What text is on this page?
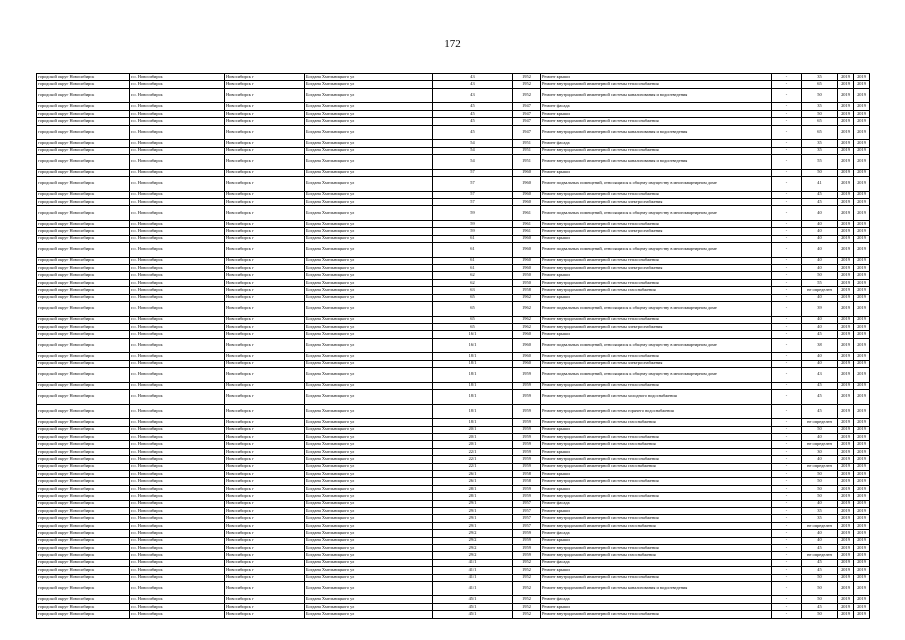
172
городской округ Новосибирск	г.о. Новосибирск	Новосибирск г	Богдана Хмельницкого ул	43	1952	Ремонт крыши	-	35	2019	2019
городской округ Новосибирск	г.о. Новосибирск	Новосибирск г	Богдана Хмельницкого ул	43	1952	Ремонт внутридомовой инженерной системы теплоснабжения	-	65	2019	2019
городской округ Новосибирск	г.о. Новосибирск	Новосибирск г	Богдана Хмельницкого ул	43	1952	Ремонт внутридомовой инженерной системы канализования и водоотведения	-	50	2019	2019
городской округ Новосибирск	г.о. Новосибирск	Новосибирск г	Богдана Хмельницкого ул	45	1947	Ремонт фасада	-	35	2019	2019
городской округ Новосибирск	г.о. Новосибирск	Новосибирск г	Богдана Хмельницкого ул	45	1947	Ремонт крыши	-	50	2019	2019
городской округ Новосибирск	г.о. Новосибирск	Новосибирск г	Богдана Хмельницкого ул	45	1947	Ремонт внутридомовой инженерной системы теплоснабжения	-	65	2019	2019
городской округ Новосибирск	г.о. Новосибирск	Новосибирск г	Богдана Хмельницкого ул	45	1947	Ремонт внутридомовой инженерной системы канализования и водоотведения	-	65	2019	2019
городской округ Новосибирск	г.о. Новосибирск	Новосибирск г	Богдана Хмельницкого ул	54	1951	Ремонт фасада	-	35	2019	2019
городской округ Новосибирск	г.о. Новосибирск	Новосибирск г	Богдана Хмельницкого ул	54	1951	Ремонт внутридомовой инженерной системы теплоснабжения	-	35	2019	2019
городской округ Новосибирск	г.о. Новосибирск	Новосибирск г	Богдана Хмельницкого ул	54	1951	Ремонт внутридомовой инженерной системы канализования и водоотведения	-	55	2019	2019
городской округ Новосибирск	г.о. Новосибирск	Новосибирск г	Богдана Хмельницкого ул	57	1960	Ремонт крыши	-	50	2019	2019
городской округ Новосибирск	г.о. Новосибирск	Новосибирск г	Богдана Хмельницкого ул	57	1960	Ремонт подвальных помещений, относящихся к общему имуществу в многоквартирном доме	-	41	2019	2019
городской округ Новосибирск	г.о. Новосибирск	Новосибирск г	Богдана Хмельницкого ул	57	1960	Ремонт внутридомовой инженерной системы теплоснабжения	-	45	2019	2019
городской округ Новосибирск	г.о. Новосибирск	Новосибирск г	Богдана Хмельницкого ул	57	1960	Ремонт внутридомовой инженерной системы электроснабжения	-	45	2019	2019
городской округ Новосибирск	г.о. Новосибирск	Новосибирск г	Богдана Хмельницкого ул	59	1961	Ремонт подвальных помещений, относящихся к общему имуществу в многоквартирном доме	-	40	2019	2019
городской округ Новосибирск	г.о. Новосибирск	Новосибирск г	Богдана Хмельницкого ул	59	1961	Ремонт внутридомовой инженерной системы теплоснабжения	-	40	2019	2019
городской округ Новосибирск	г.о. Новосибирск	Новосибирск г	Богдана Хмельницкого ул	59	1961	Ремонт внутридомовой инженерной системы электроснабжения	-	40	2019	2019
городской округ Новосибирск	г.о. Новосибирск	Новосибирск г	Богдана Хмельницкого ул	61	1960	Ремонт крыши	-	40	2019	2019
городской округ Новосибирск	г.о. Новосибирск	Новосибирск г	Богдана Хмельницкого ул	61	1960	Ремонт подвальных помещений, относящихся к общему имуществу в многоквартирном доме	-	40	2019	2019
городской округ Новосибирск	г.о. Новосибирск	Новосибирск г	Богдана Хмельницкого ул	61	1960	Ремонт внутридомовой инженерной системы теплоснабжения	-	40	2019	2019
городской округ Новосибирск	г.о. Новосибирск	Новосибирск г	Богдана Хмельницкого ул	61	1960	Ремонт внутридомовой инженерной системы электроснабжения	-	40	2019	2019
городской округ Новосибирск	г.о. Новосибирск	Новосибирск г	Богдана Хмельницкого ул	62	1950	Ремонт крыши	-	50	2019	2019
городской округ Новосибирск	г.о. Новосибирск	Новосибирск г	Богдана Хмельницкого ул	62	1950	Ремонт внутридомовой инженерной системы теплоснабжения	-	55	2019	2019
городской округ Новосибирск	г.о. Новосибирск	Новосибирск г	Богдана Хмельницкого ул	63	1958	Ремонт внутридомовой инженерной системы газоснабжения	-	не определен	2019	2019
городской округ Новосибирск	г.о. Новосибирск	Новосибирск г	Богдана Хмельницкого ул	65	1962	Ремонт крыши	-	40	2019	2019
городской округ Новосибирск	г.о. Новосибирск	Новосибирск г	Богдана Хмельницкого ул	65	1962	Ремонт подвальных помещений, относящихся к общему имуществу в многоквартирном доме	-	39	2019	2019
городской округ Новосибирск	г.о. Новосибирск	Новосибирск г	Богдана Хмельницкого ул	65	1962	Ремонт внутридомовой инженерной системы теплоснабжения	-	40	2019	2019
городской округ Новосибирск	г.о. Новосибирск	Новосибирск г	Богдана Хмельницкого ул	65	1962	Ремонт внутридомовой инженерной системы электроснабжения	-	40	2019	2019
городской округ Новосибирск	г.о. Новосибирск	Новосибирск г	Богдана Хмельницкого ул	16/1	1960	Ремонт крыши	-	45	2019	2019
городской округ Новосибирск	г.о. Новосибирск	Новосибирск г	Богдана Хмельницкого ул	16/1	1960	Ремонт подвальных помещений, относящихся к общему имуществу в многоквартирном доме	-	38	2019	2019
городской округ Новосибирск	г.о. Новосибирск	Новосибирск г	Богдана Хмельницкого ул	18/1	1960	Ремонт внутридомовой инженерной системы теплоснабжения	-	40	2019	2019
городской округ Новосибирск	г.о. Новосибирск	Новосибирск г	Богдана Хмельницкого ул	18/1	1960	Ремонт внутридомовой инженерной системы электроснабжения	-	40	2019	2019
городской округ Новосибирск	г.о. Новосибирск	Новосибирск г	Богдана Хмельницкого ул	18/1	1959	Ремонт подвальных помещений, относящихся к общему имуществу в многоквартирном доме	-	43	2019	2019
городской округ Новосибирск	г.о. Новосибирск	Новосибирск г	Богдана Хмельницкого ул	18/1	1959	Ремонт внутридомовой инженерной системы теплоснабжения	-	45	2019	2019
городской округ Новосибирск	г.о. Новосибирск	Новосибирск г	Богдана Хмельницкого ул	18/1	1959	Ремонт внутридомовой инженерной системы холодного водоснабжения	-	45	2019	2019
городской округ Новосибирск	г.о. Новосибирск	Новосибирск г	Богдана Хмельницкого ул	18/1	1959	Ремонт внутридомовой инженерной системы горячего водоснабжения	-	45	2019	2019
городской округ Новосибирск	г.о. Новосибирск	Новосибирск г	Богдана Хмельницкого ул	18/1	1959	Ремонт внутридомовой инженерной системы газоснабжения	-	не определен	2019	2019
городской округ Новосибирск	г.о. Новосибирск	Новосибирск г	Богдана Хмельницкого ул	20/1	1959	Ремонт крыши	-	50	2019	2019
городской округ Новосибирск	г.о. Новосибирск	Новосибирск г	Богдана Хмельницкого ул	20/1	1959	Ремонт внутридомовой инженерной системы теплоснабжения	-	40	2019	2019
городской округ Новосибирск	г.о. Новосибирск	Новосибирск г	Богдана Хмельницкого ул	20/1	1959	Ремонт внутридомовой инженерной системы газоснабжения	-	не определен	2019	2019
городской округ Новосибирск	г.о. Новосибирск	Новосибирск г	Богдана Хмельницкого ул	22/1	1959	Ремонт крыши	-	30	2019	2019
городской округ Новосибирск	г.о. Новосибирск	Новосибирск г	Богдана Хмельницкого ул	22/1	1959	Ремонт внутридомовой инженерной системы теплоснабжения	-	40	2019	2019
городской округ Новосибирск	г.о. Новосибирск	Новосибирск г	Богдана Хмельницкого ул	22/1	1959	Ремонт внутридомовой инженерной системы газоснабжения	-	не определен	2019	2019
городской округ Новосибирск	г.о. Новосибирск	Новосибирск г	Богдана Хмельницкого ул	26/1	1958	Ремонт крыши	-	50	2019	2019
городской округ Новосибирск	г.о. Новосибирск	Новосибирск г	Богдана Хмельницкого ул	26/1	1958	Ремонт внутридомовой инженерной системы теплоснабжения	-	50	2019	2019
городской округ Новосибирск	г.о. Новосибирск	Новосибирск г	Богдана Хмельницкого ул	28/1	1959	Ремонт крыши	-	50	2019	2019
городской округ Новосибирск	г.о. Новосибирск	Новосибирск г	Богдана Хмельницкого ул	28/1	1959	Ремонт внутридомовой инженерной системы теплоснабжения	-	50	2019	2019
городской округ Новосибирск	г.о. Новосибирск	Новосибирск г	Богдана Хмельницкого ул	29/1	1957	Ремонт фасада	-	40	2019	2019
городской округ Новосибирск	г.о. Новосибирск	Новосибирск г	Богдана Хмельницкого ул	29/1	1957	Ремонт крыши	-	35	2019	2019
городской округ Новосибирск	г.о. Новосибирск	Новосибирск г	Богдана Хмельницкого ул	29/1	1957	Ремонт внутридомовой инженерной системы теплоснабжения	-	35	2019	2019
городской округ Новосибирск	г.о. Новосибирск	Новосибирск г	Богдана Хмельницкого ул	29/1	1957	Ремонт внутридомовой инженерной системы газоснабжения	-	не определен	2019	2019
городской округ Новосибирск	г.о. Новосибирск	Новосибирск г	Богдана Хмельницкого ул	29/2	1959	Ремонт фасада	-	40	2019	2019
городской округ Новосибирск	г.о. Новосибирск	Новосибирск г	Богдана Хмельницкого ул	29/2	1959	Ремонт крыши	-	40	2019	2019
городской округ Новосибирск	г.о. Новосибирск	Новосибирск г	Богдана Хмельницкого ул	29/2	1959	Ремонт внутридомовой инженерной системы теплоснабжения	-	45	2019	2019
городской округ Новосибирск	г.о. Новосибирск	Новосибирск г	Богдана Хмельницкого ул	29/2	1959	Ремонт внутридомовой инженерной системы газоснабжения	-	не определен	2019	2019
городской округ Новосибирск	г.о. Новосибирск	Новосибирск г	Богдана Хмельницкого ул	41/1	1952	Ремонт фасада	-	45	2019	2019
городской округ Новосибирск	г.о. Новосибирск	Новосибирск г	Богдана Хмельницкого ул	41/1	1952	Ремонт крыши	-	45	2019	2019
городской округ Новосибирск	г.о. Новосибирск	Новосибирск г	Богдана Хмельницкого ул	41/1	1952	Ремонт внутридомовой инженерной системы теплоснабжения	-	50	2019	2019
городской округ Новосибирск	г.о. Новосибирск	Новосибирск г	Богдана Хмельницкого ул	41/1	1952	Ремонт внутридомовой инженерной системы канализования и водоотведения	-	50	2019	2019
городской округ Новосибирск	г.о. Новосибирск	Новосибирск г	Богдана Хмельницкого ул	45/1	1952	Ремонт фасада	-	50	2019	2019
городской округ Новосибирск	г.о. Новосибирск	Новосибирск г	Богдана Хмельницкого ул	45/1	1952	Ремонт крыши	-	45	2019	2019
городской округ Новосибирск	г.о. Новосибирск	Новосибирск г	Богдана Хмельницкого ул	45/1	1952	Ремонт внутридомовой инженерной системы теплоснабжения	-	50	2019	2019
